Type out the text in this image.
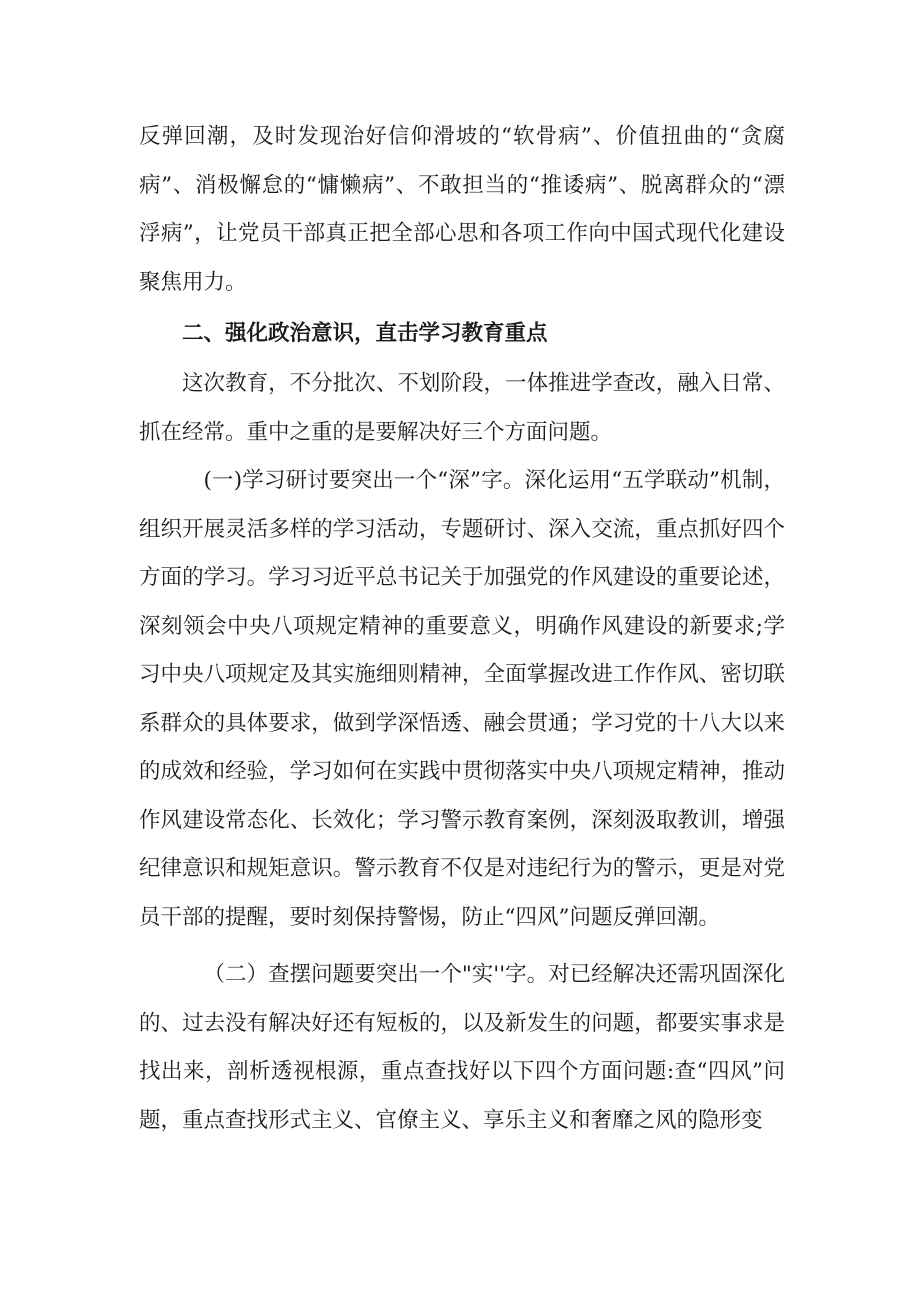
反弹回潮，及时发现治好信仰滑坡的“软骨病”、价值扭曲的“贪腐病”、消极懈怠的“慵懒病”、不敢担当的“推诿病”、脱离群众的“漂浮病”，让党员干部真正把全部心思和各项工作向中国式现代化建设聚焦用力。

二、强化政治意识，直击学习教育重点

这次教育，不分批次、不划阶段，一体推进学查改，融入日常、抓在经常。重中之重的是要解决好三个方面问题。

(一)学习研讨要突出一个“深”字。深化运用“五学联动”机制，组织开展灵活多样的学习活动，专题研讨、深入交流，重点抓好四个方面的学习。学习习近平总书记关于加强党的作风建设的重要论述，深刻领会中央八项规定精神的重要意义，明确作风建设的新要求;学习中央八项规定及其实施细则精神，全面掌握改进工作作风、密切联系群众的具体要求，做到学深悟透、融会贯通；学习党的十八大以来的成效和经验，学习如何在实践中贯彻落实中央八项规定精神，推动作风建设常态化、长效化；学习警示教育案例，深刻汲取教训，增强纪律意识和规矩意识。警示教育不仅是对违纪行为的警示，更是对党员干部的提醒，要时刻保持警惕，防止“四风”问题反弹回潮。

（二）查摆问题要突出一个"实''字。对已经解决还需巩固深化的、过去没有解决好还有短板的，以及新发生的问题，都要实事求是找出来，剖析透视根源，重点查找好以下四个方面问题:查“四风”问题，重点查找形式主义、官僚主义、享乐主义和奢靡之风的隐形变
